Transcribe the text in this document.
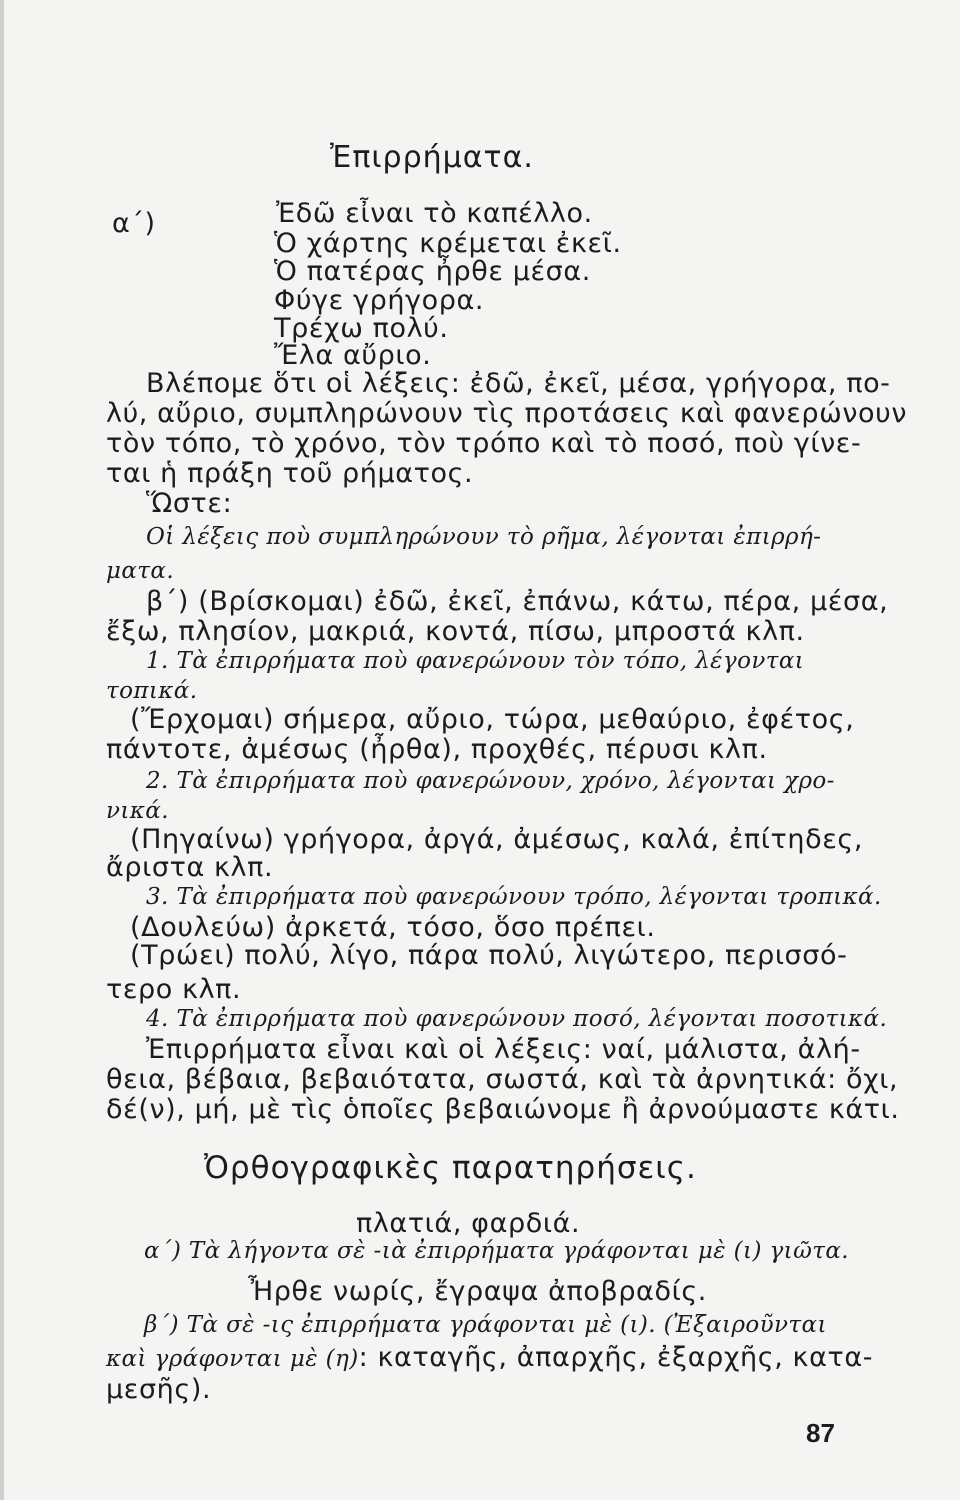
Ἐπιρρήματα.
α΄)	Ἐδῶ εἶναι τὸ καπέλλο.
Ὁ χάρτης κρέμεται ἐκεῖ.
Ὁ πατέρας ἦρθε μέσα.
Φύγε γρήγορα.
Τρέχω πολύ.
Ἔλα αὔριο.
Βλέπομε ὅτι οἱ λέξεις: ἐδῶ, ἐκεῖ, μέσα, γρήγορα, πο-
λύ, αὔριο, συμπληρώνουν τὶς προτάσεις καὶ φανερώνουν
τὸν τόπο, τὸ χρόνο, τὸν τρόπο καὶ τὸ ποσό, ποὺ γίνε-
ται ἡ πράξη τοῦ ρήματος.
Ὥστε:
Οἱ λέξεις ποὺ συμπληρώνουν τὸ ρῆμα, λέγονται ἐπιρρή-
ματα.
β΄) (Βρίσκομαι) ἐδῶ, ἐκεῖ, ἐπάνω, κάτω, πέρα, μέσα,
ἔξω, πλησίον, μακριά, κοντά, πίσω, μπροστά κλπ.
1. Τὰ ἐπιρρήματα ποὺ φανερώνουν τὸν τόπο, λέγονται
τοπικά.
(Ἔρχομαι) σήμερα, αὔριο, τώρα, μεθαύριο, ἐφέτος,
πάντοτε, ἀμέσως (ἦρθα), προχθές, πέρυσι κλπ.
2. Τὰ ἐπιρρήματα ποὺ φανερώνουν, χρόνο, λέγονται χρο-
νικά.
(Πηγαίνω) γρήγορα, ἀργά, ἀμέσως, καλά, ἐπίτηδες,
ἄριστα κλπ.
3. Τὰ ἐπιρρήματα ποὺ φανερώνουν τρόπο, λέγονται τροπικά.
(Δουλεύω) ἀρκετά, τόσο, ὅσο πρέπει.
(Τρώει) πολύ, λίγο, πάρα πολύ, λιγώτερο, περισσό-
τερο κλπ.
4. Τὰ ἐπιρρήματα ποὺ φανερώνουν ποσό, λέγονται ποσοτικά.
Ἐπιρρήματα εἶναι καὶ οἱ λέξεις: ναί, μάλιστα, ἀλή-
θεια, βέβαια, βεβαιότατα, σωστά, καὶ τὰ ἀρνητικά: ὄχι,
δέ(ν), μή, μὲ τὶς ὁποῖες βεβαιώνομε ἢ ἀρνούμαστε κάτι.
Ὀρθογραφικὲς παρατηρήσεις.
πλατιά, φαρδιά.
α΄) Τὰ λήγοντα σὲ -ιὰ ἐπιρρήματα γράφονται μὲ (ι) γιῶτα.
Ἦρθε νωρίς, ἔγραψα ἀποβραδίς.
β΄) Τὰ σὲ -ις ἐπιρρήματα γράφονται μὲ (ι). (Ἐξαιροῦνται
καὶ γράφονται μὲ (η): καταγῆς, ἀπαρχῆς, ἐξαρχῆς, κατα-
μεσῆς).
87
